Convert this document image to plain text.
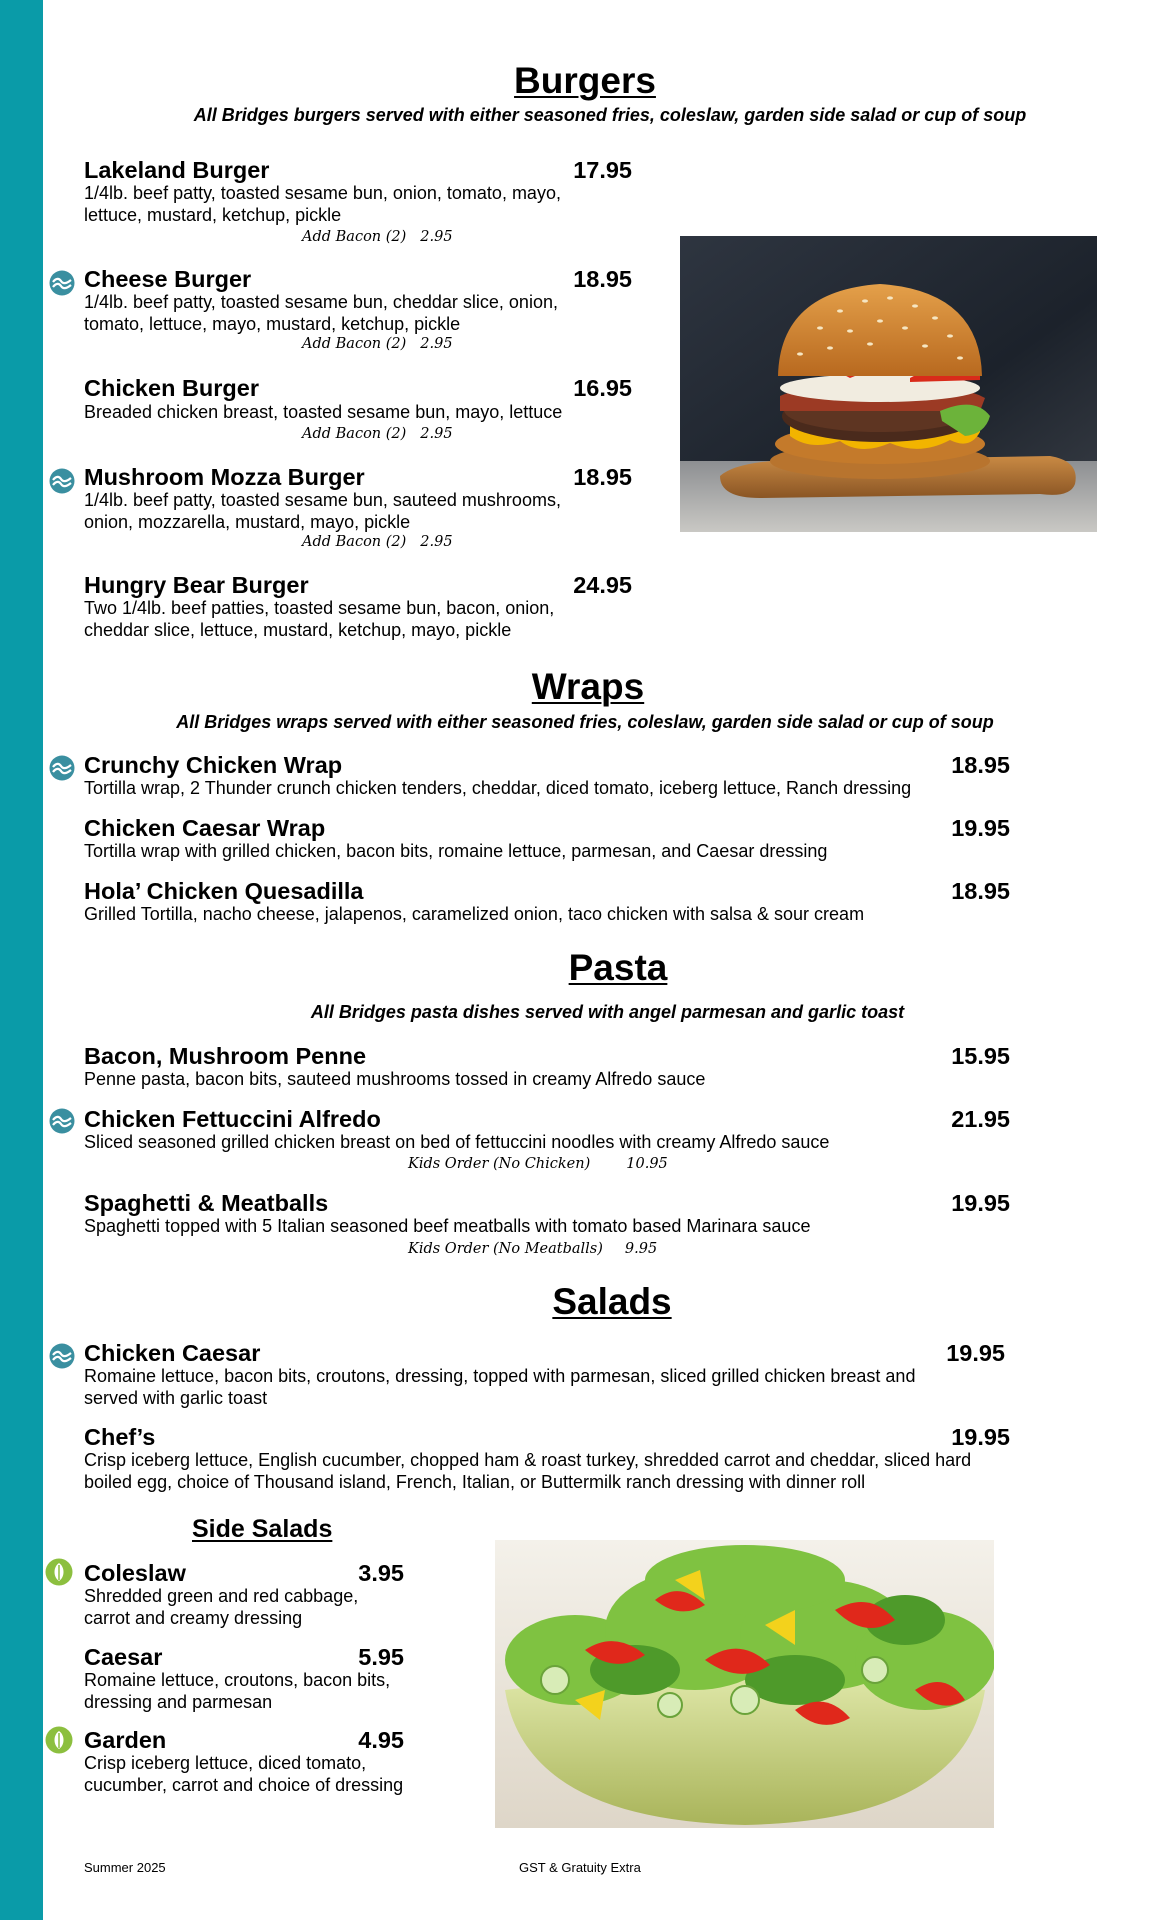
Burgers
All Bridges burgers served with either seasoned fries, coleslaw, garden side salad or cup of soup
Lakeland Burger	17.95
1/4lb. beef patty, toasted sesame bun, onion, tomato, mayo, lettuce, mustard, ketchup, pickle
Add Bacon (2) 2.95
Cheese Burger	18.95
1/4lb. beef patty, toasted sesame bun, cheddar slice, onion, tomato, lettuce, mayo, mustard, ketchup, pickle
Add Bacon (2) 2.95
Chicken Burger	16.95
Breaded chicken breast, toasted sesame bun, mayo, lettuce
Add Bacon (2) 2.95
Mushroom Mozza Burger	18.95
1/4lb. beef patty, toasted sesame bun, sauteed mushrooms, onion, mozzarella, mustard, mayo, pickle
Add Bacon (2) 2.95
Hungry Bear Burger	24.95
Two 1/4lb. beef patties, toasted sesame bun, bacon, onion, cheddar slice, lettuce, mustard, ketchup, mayo, pickle
Wraps
All Bridges wraps served with either seasoned fries, coleslaw, garden side salad or cup of soup
Crunchy Chicken Wrap	18.95
Tortilla wrap, 2 Thunder crunch chicken tenders, cheddar, diced tomato, iceberg lettuce, Ranch dressing
Chicken Caesar Wrap	19.95
Tortilla wrap with grilled chicken, bacon bits, romaine lettuce, parmesan, and Caesar dressing
Hola’ Chicken Quesadilla	18.95
Grilled Tortilla, nacho cheese, jalapenos, caramelized onion, taco chicken with salsa & sour cream
Pasta
All Bridges pasta dishes served with angel parmesan and garlic toast
Bacon, Mushroom Penne	15.95
Penne pasta, bacon bits, sauteed mushrooms tossed in creamy Alfredo sauce
Chicken Fettuccini Alfredo	21.95
Sliced seasoned grilled chicken breast on bed of fettuccini noodles with creamy Alfredo sauce
Kids Order (No Chicken) 10.95
Spaghetti & Meatballs	19.95
Spaghetti topped with 5 Italian seasoned beef meatballs with tomato based Marinara sauce
Kids Order (No Meatballs) 9.95
Salads
Chicken Caesar	19.95
Romaine lettuce, bacon bits, croutons, dressing, topped with parmesan, sliced grilled chicken breast and served with garlic toast
Chef’s	19.95
Crisp iceberg lettuce, English cucumber, chopped ham & roast turkey, shredded carrot and cheddar, sliced hard boiled egg, choice of Thousand island, French, Italian, or Buttermilk ranch dressing with dinner roll
Side Salads
Coleslaw	3.95
Shredded green and red cabbage, carrot and creamy dressing
Caesar	5.95
Romaine lettuce, croutons, bacon bits, dressing and parmesan
Garden	4.95
Crisp iceberg lettuce, diced tomato, cucumber, carrot and choice of dressing
Summer 2025	GST & Gratuity Extra
